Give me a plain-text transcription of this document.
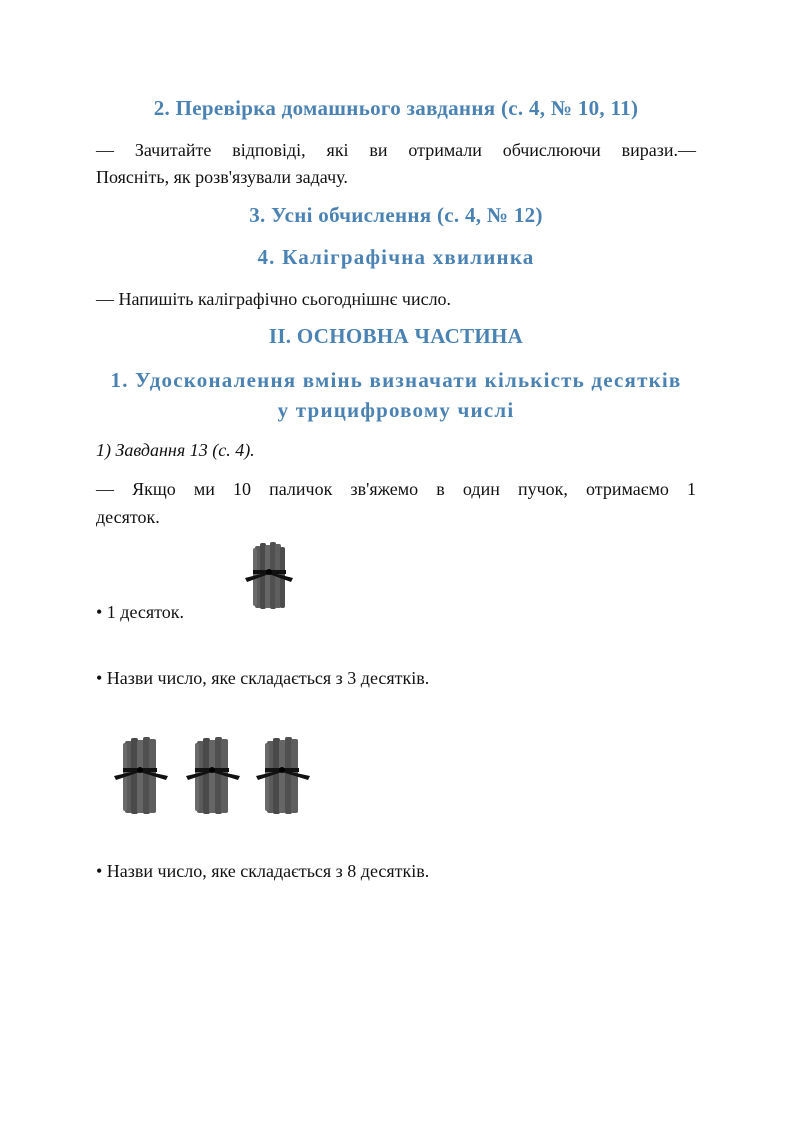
2. Перевірка домашнього завдання (с. 4, № 10, 11)

— Зачитайте відповіді, які ви отримали обчислюючи вирази.—

Поясніть, як розв'язували задачу.

3. Усні обчислення (с. 4, № 12)
4. Каліграфічна хвилинка

— Напишіть каліграфічно сьогоднішнє число.

ІІ. ОСНОВНА ЧАСТИНА
1. Удосконалення вмінь визначати кількість десятків
у трицифровому числі

1) Завдання 13 (с. 4).

— Якщо ми 10 паличок зв'яжемо в один пучок, отримаємо 1

десяток.

• 1 десяток.

• Назви число, яке складається з 3 десятків.

• Назви число, яке складається з 8 десятків.
